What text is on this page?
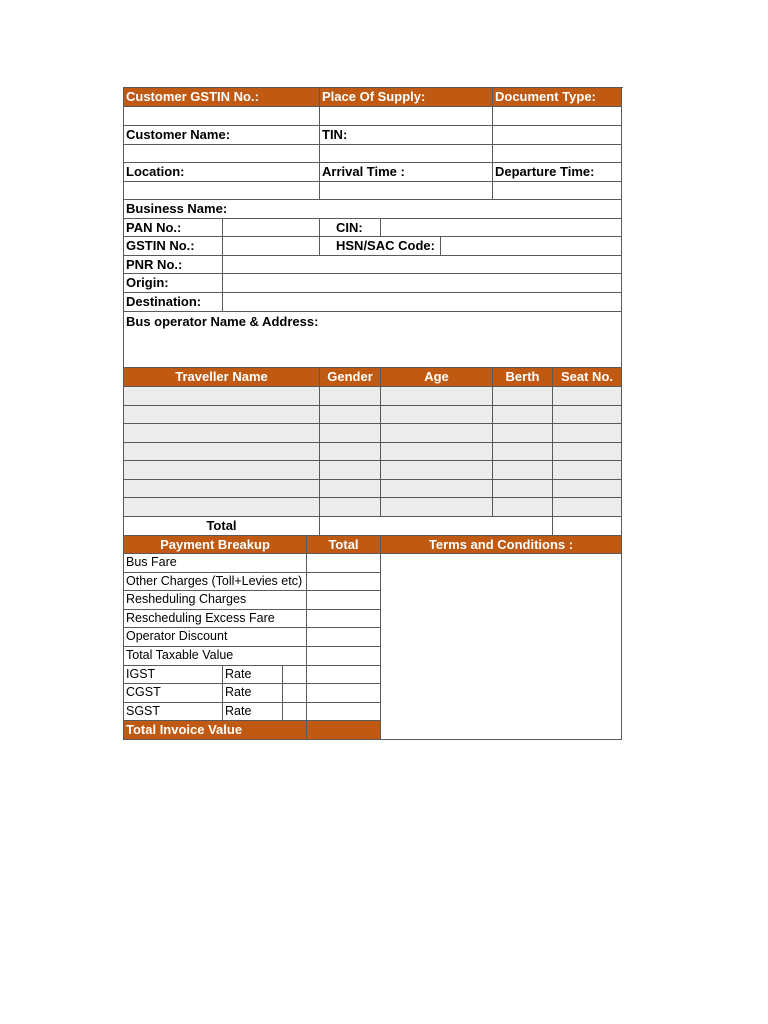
Customer GSTIN No.:	Place Of Supply:	Document Type:
Customer Name:	TIN:
Location:	Arrival Time :	Departure Time:
Business Name:
PAN No.:	CIN:
GSTIN No.:	HSN/SAC Code:
PNR No.:
Origin:
Destination:
Bus operator Name & Address:
Traveller Name	Gender	Age	Berth	Seat No.
Total
Payment Breakup	Total	Terms and Conditions :
Bus Fare
Other Charges (Toll+Levies etc)
Resheduling Charges
Rescheduling Excess Fare
Operator Discount
Total Taxable Value
IGST	Rate
CGST	Rate
SGST	Rate
Total Invoice Value
